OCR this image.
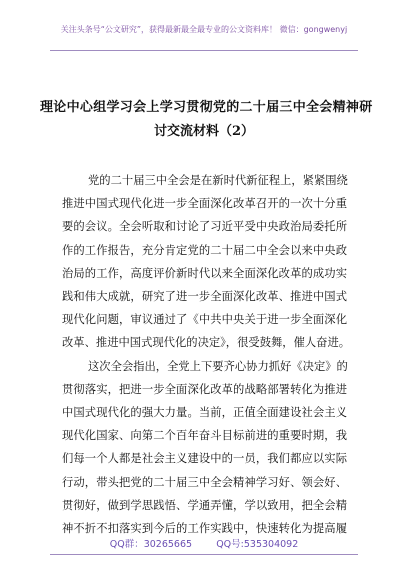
关注头条号“公文研究”，获得最新最全最专业的公文资料库！ 微信：gongwenyj
理论中心组学习会上学习贯彻党的二十届三中全会精神研
讨交流材料（2）
党的二十届三中全会是在新时代新征程上，紧紧围绕
推进中国式现代化进一步全面深化改革召开的一次十分重
要的会议。全会听取和讨论了习近平受中央政治局委托所
作的工作报告，充分肯定党的二十届二中全会以来中央政
治局的工作，高度评价新时代以来全面深化改革的成功实
践和伟大成就，研究了进一步全面深化改革、推进中国式
现代化问题，审议通过了《中共中央关于进一步全面深化
改革、推进中国式现代化的决定》，很受鼓舞，催人奋进。
这次全会指出，全党上下要齐心协力抓好《决定》的
贯彻落实，把进一步全面深化改革的战略部署转化为推进
中国式现代化的强大力量。当前，正值全面建设社会主义
现代化国家、向第二个百年奋斗目标前进的重要时期，我
们每一个人都是社会主义建设中的一员，我们都应以实际
行动，带头把党的二十届三中全会精神学习好、领会好、
贯彻好，做到学思践悟、学通弄懂，学以致用，把全会精
神不折不扣落实到今后的工作实践中，快速转化为提高履
QQ群：30265665        QQ号:535304092
